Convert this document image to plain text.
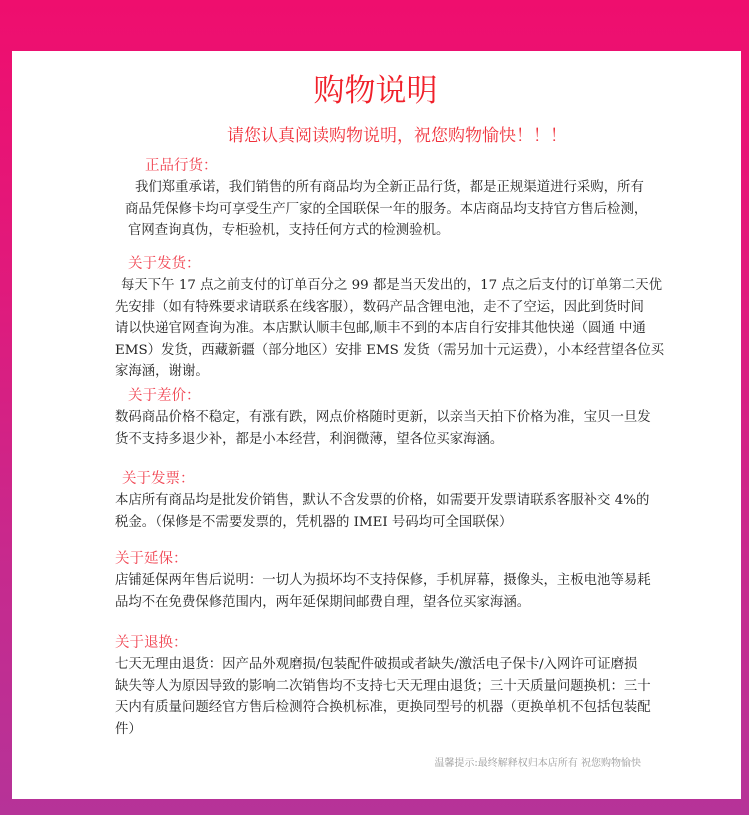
购物说明
请您认真阅读购物说明，祝您购物愉快！！！
正品行货：
我们郑重承诺，我们销售的所有商品均为全新正品行货，都是正规渠道进行采购，所有
商品凭保修卡均可享受生产厂家的全国联保一年的服务。本店商品均支持官方售后检测，
官网查询真伪，专柜验机，支持任何方式的检测验机。
关于发货：
每天下午 17 点之前支付的订单百分之 99 都是当天发出的，17 点之后支付的订单第二天优
先安排（如有特殊要求请联系在线客服），数码产品含锂电池，走不了空运，因此到货时间
请以快递官网查询为准。本店默认顺丰包邮,顺丰不到的本店自行安排其他快递（圆通 中通
EMS）发货，西藏新疆（部分地区）安排 EMS 发货（需另加十元运费），小本经营望各位买
家海涵，谢谢。
关于差价：
数码商品价格不稳定，有涨有跌，网点价格随时更新，以亲当天拍下价格为准，宝贝一旦发
货不支持多退少补，都是小本经营，利润微薄，望各位买家海涵。
关于发票：
本店所有商品均是批发价销售，默认不含发票的价格，如需要开发票请联系客服补交 4%的
税金。（保修是不需要发票的，凭机器的 IMEI 号码均可全国联保）
关于延保：
店铺延保两年售后说明：一切人为损坏均不支持保修，手机屏幕，摄像头，主板电池等易耗
品均不在免费保修范围内，两年延保期间邮费自理，望各位买家海涵。
关于退换：
七天无理由退货：因产品外观磨损/包装配件破损或者缺失/激活电子保卡/入网许可证磨损
缺失等人为原因导致的影响二次销售均不支持七天无理由退货；三十天质量问题换机：三十
天内有质量问题经官方售后检测符合换机标准，更换同型号的机器（更换单机不包括包装配
件）
温馨提示:最终解释权归本店所有 祝您购物愉快
